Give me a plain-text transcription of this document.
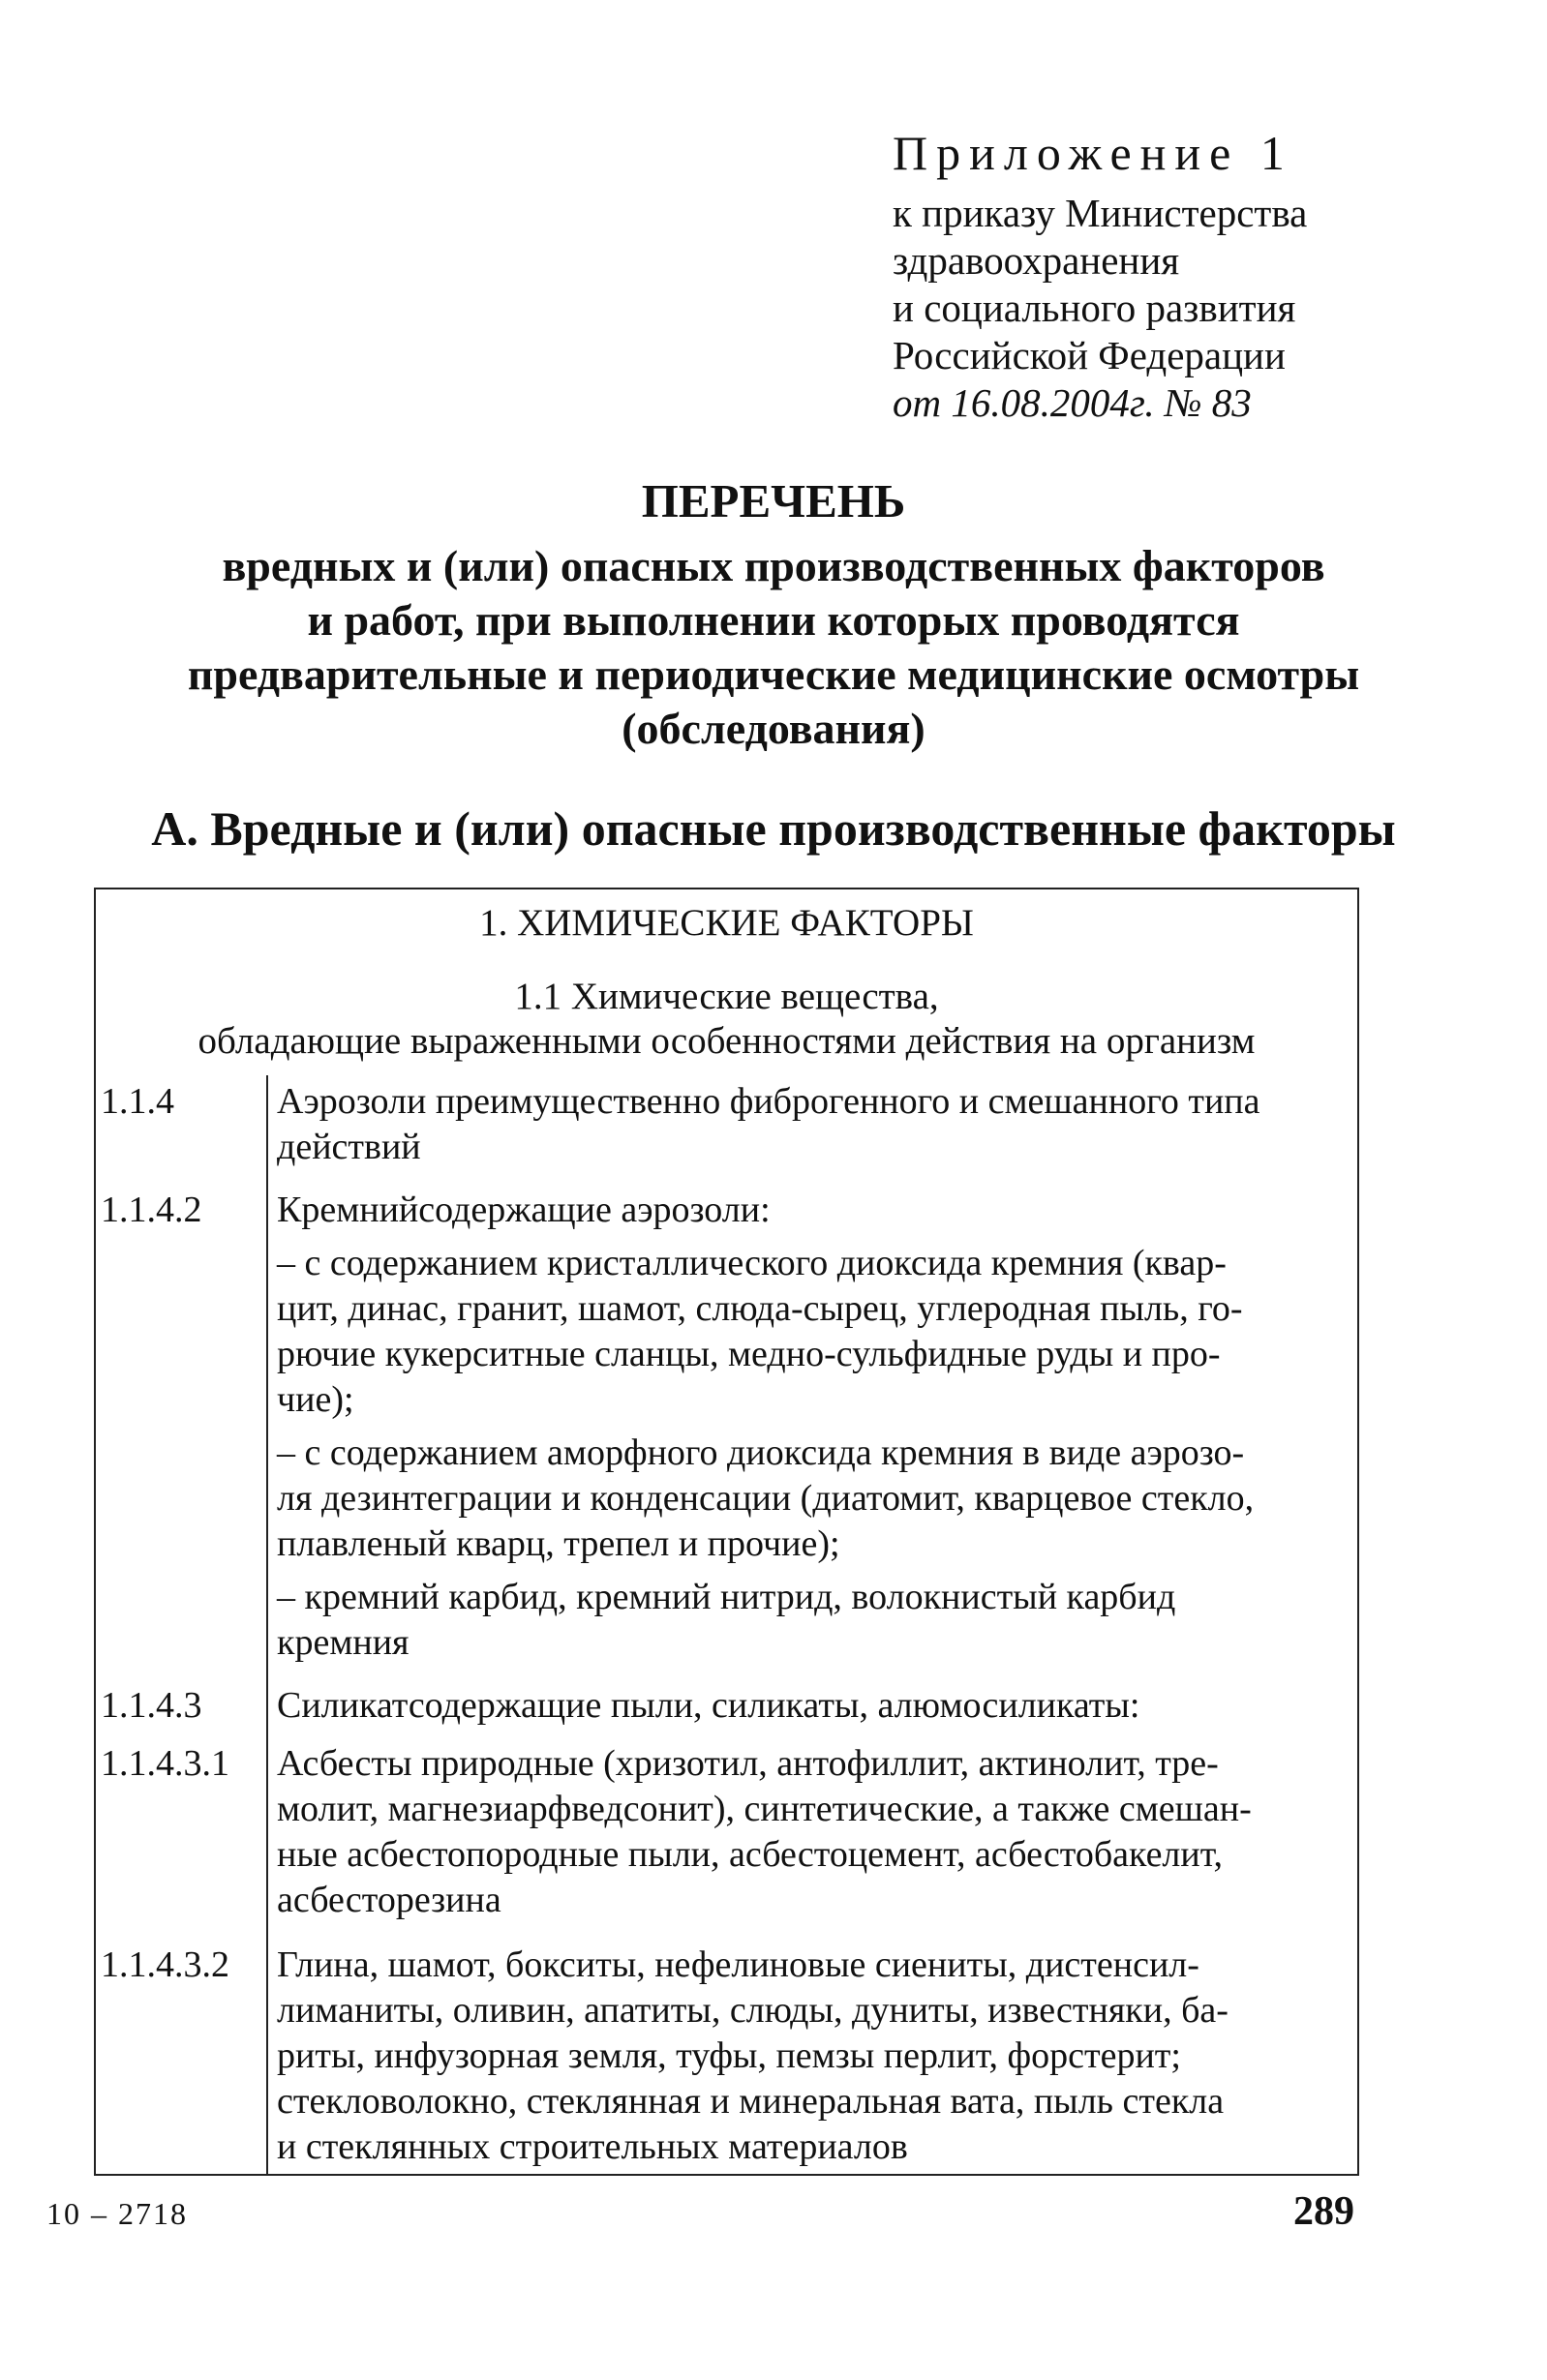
Приложение 1
к приказу Министерства
здравоохранения
и социального развития
Российской Федерации
от 16.08.2004г. № 83
ПЕРЕЧЕНЬ
вредных и (или) опасных производственных факторов
и работ, при выполнении которых проводятся
предварительные и периодические медицинские осмотры
(обследования)
А. Вредные и (или) опасные производственные факторы
1. ХИМИЧЕСКИЕ ФАКТОРЫ
1.1 Химические вещества,
обладающие выраженными особенностями действия на организм
1.1.4	Аэрозоли преимущественно фиброгенного и смешанного типа
действий
1.1.4.2 Кремнийсодержащие аэрозоли:
– с содержанием кристаллического диоксида кремния (квар-
цит, динас, гранит, шамот, слюда-сырец, углеродная пыль, го-
рючие кукерситные сланцы, медно-сульфидные руды и про-
чие);
– с содержанием аморфного диоксида кремния в виде аэрозо-
ля дезинтеграции и конденсации (диатомит, кварцевое стекло,
плавленый кварц, трепел и прочие);
– кремний карбид, кремний нитрид, волокнистый карбид
кремния
1.1.4.3 Силикатсодержащие пыли, силикаты, алюмосиликаты:
1.1.4.3.1 Асбесты природные (хризотил, антофиллит, актинолит, тре-
молит, магнезиарфведсонит), синтетические, а также смешан-
ные асбестопородные пыли, асбестоцемент, асбестобакелит,
асбесторезина
1.1.4.3.2 Глина, шамот, бокситы, нефелиновые сиениты, дистенсил-
лиманиты, оливин, апатиты, слюды, дуниты, известняки, ба-
риты, инфузорная земля, туфы, пемзы перлит, форстерит;
стекловолокно, стеклянная и минеральная вата, пыль стекла
и стеклянных строительных материалов
10 – 2718	289
